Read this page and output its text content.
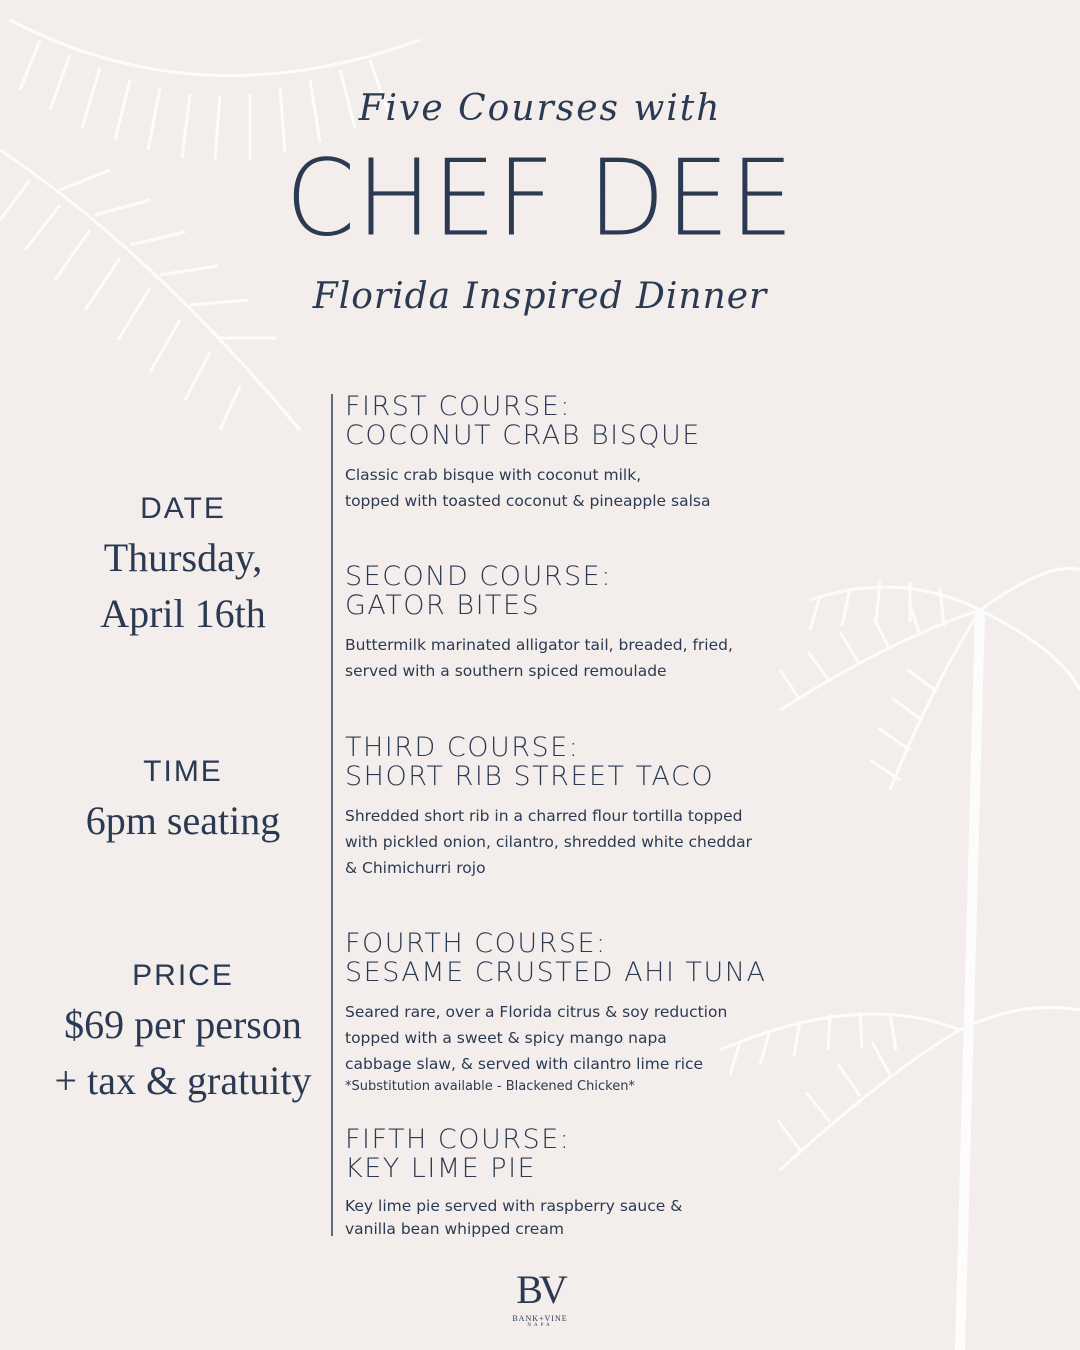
Five Courses with
CHEF DEE
Florida Inspired Dinner
DATE
Thursday,
April 16th
TIME
6pm seating
PRICE
$69 per person
+ tax & gratuity
FIRST COURSE:
COCONUT CRAB BISQUE
Classic crab bisque with coconut milk,
topped with toasted coconut & pineapple salsa
SECOND COURSE:
GATOR BITES
Buttermilk marinated alligator tail, breaded, fried,
served with a southern spiced remoulade
THIRD COURSE:
SHORT RIB STREET TACO
Shredded short rib in a charred flour tortilla topped
with pickled onion, cilantro, shredded white cheddar
& Chimichurri rojo
FOURTH COURSE:
SESAME CRUSTED AHI TUNA
Seared rare, over a Florida citrus & soy reduction
topped with a sweet & spicy mango napa
cabbage slaw, & served with cilantro lime rice
*Substitution available - Blackened Chicken*
FIFTH COURSE:
KEY LIME PIE
Key lime pie served with raspberry sauce &
vanilla bean whipped cream
BV
BANK+VINE
NAPA
